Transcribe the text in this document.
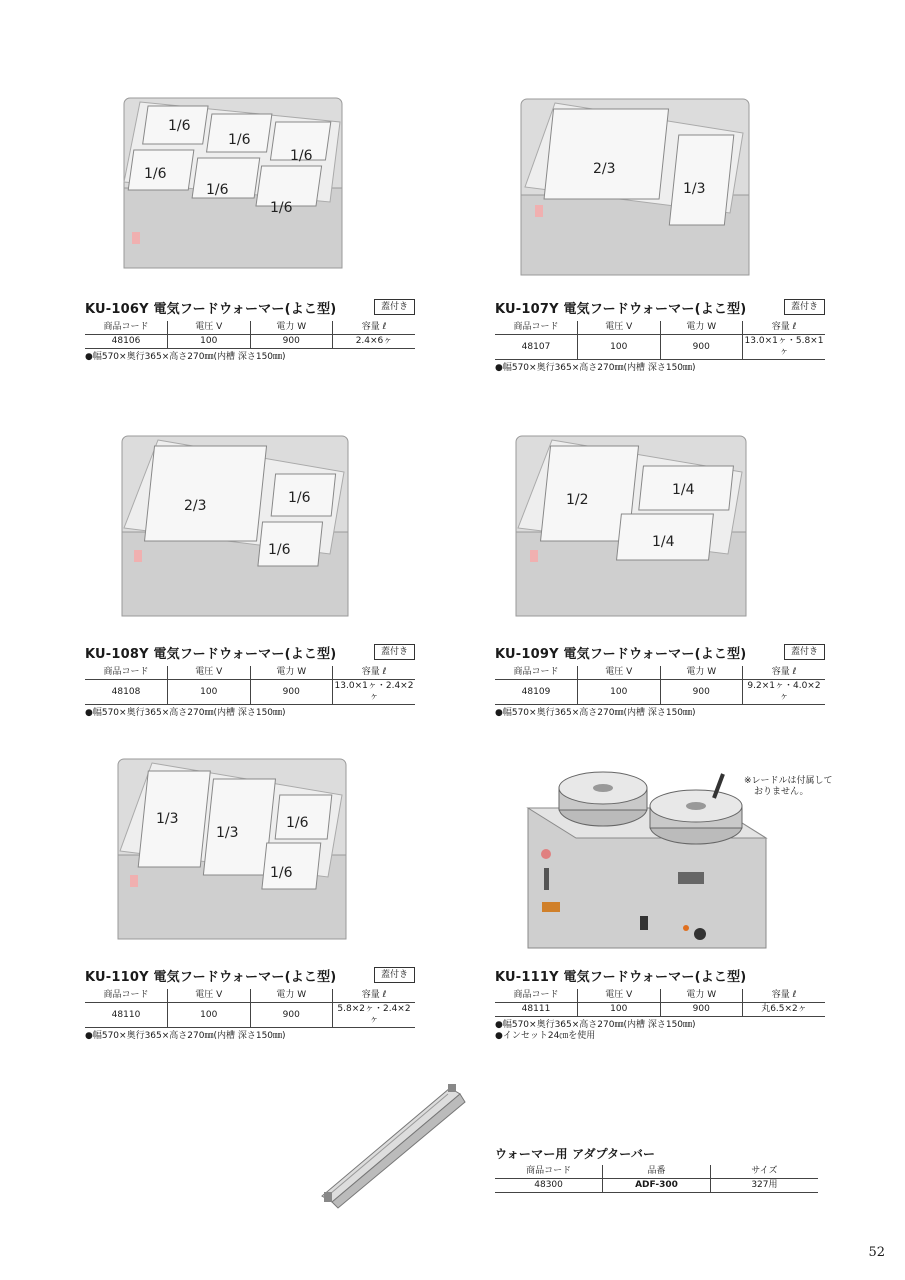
1/6
1/6
1/6
1/6
1/6
1/6
KU-106Y 電気フードウォーマー(よこ型)	蓋付き
商品コード	電圧 V	電力 W	容量 ℓ
48106	100	900	2.4×6ヶ
●幅570×奥行365×高さ270㎜(内槽 深さ150㎜)
2/3
1/3
KU-107Y 電気フードウォーマー(よこ型)	蓋付き
商品コード	電圧 V	電力 W	容量 ℓ
48107	100	900	13.0×1ヶ・5.8×1ヶ
●幅570×奥行365×高さ270㎜(内槽 深さ150㎜)
2/3	1/6
1/6
KU-108Y 電気フードウォーマー(よこ型)	蓋付き
商品コード	電圧 V	電力 W	容量 ℓ
48108	100	900	13.0×1ヶ・2.4×2ヶ
●幅570×奥行365×高さ270㎜(内槽 深さ150㎜)
1/2
1/4
1/4
KU-109Y 電気フードウォーマー(よこ型)	蓋付き
商品コード	電圧 V	電力 W	容量 ℓ
48109	100	900	9.2×1ヶ・4.0×2ヶ
●幅570×奥行365×高さ270㎜(内槽 深さ150㎜)
1/3
1/3
1/6
1/6
KU-110Y 電気フードウォーマー(よこ型)	蓋付き
商品コード	電圧 V	電力 W	容量 ℓ
48110	100	900	5.8×2ヶ・2.4×2ヶ
●幅570×奥行365×高さ270㎜(内槽 深さ150㎜)
※レードルは付属して
おりません。
KU-111Y 電気フードウォーマー(よこ型)
商品コード	電圧 V	電力 W	容量 ℓ
48111	100	900	丸6.5×2ヶ
●幅570×奥行365×高さ270㎜(内槽 深さ150㎜)
●インセット24㎝を使用
ウォーマー用 アダプターバー
商品コード	品番	サイズ
48300	ADF-300	327用
52
